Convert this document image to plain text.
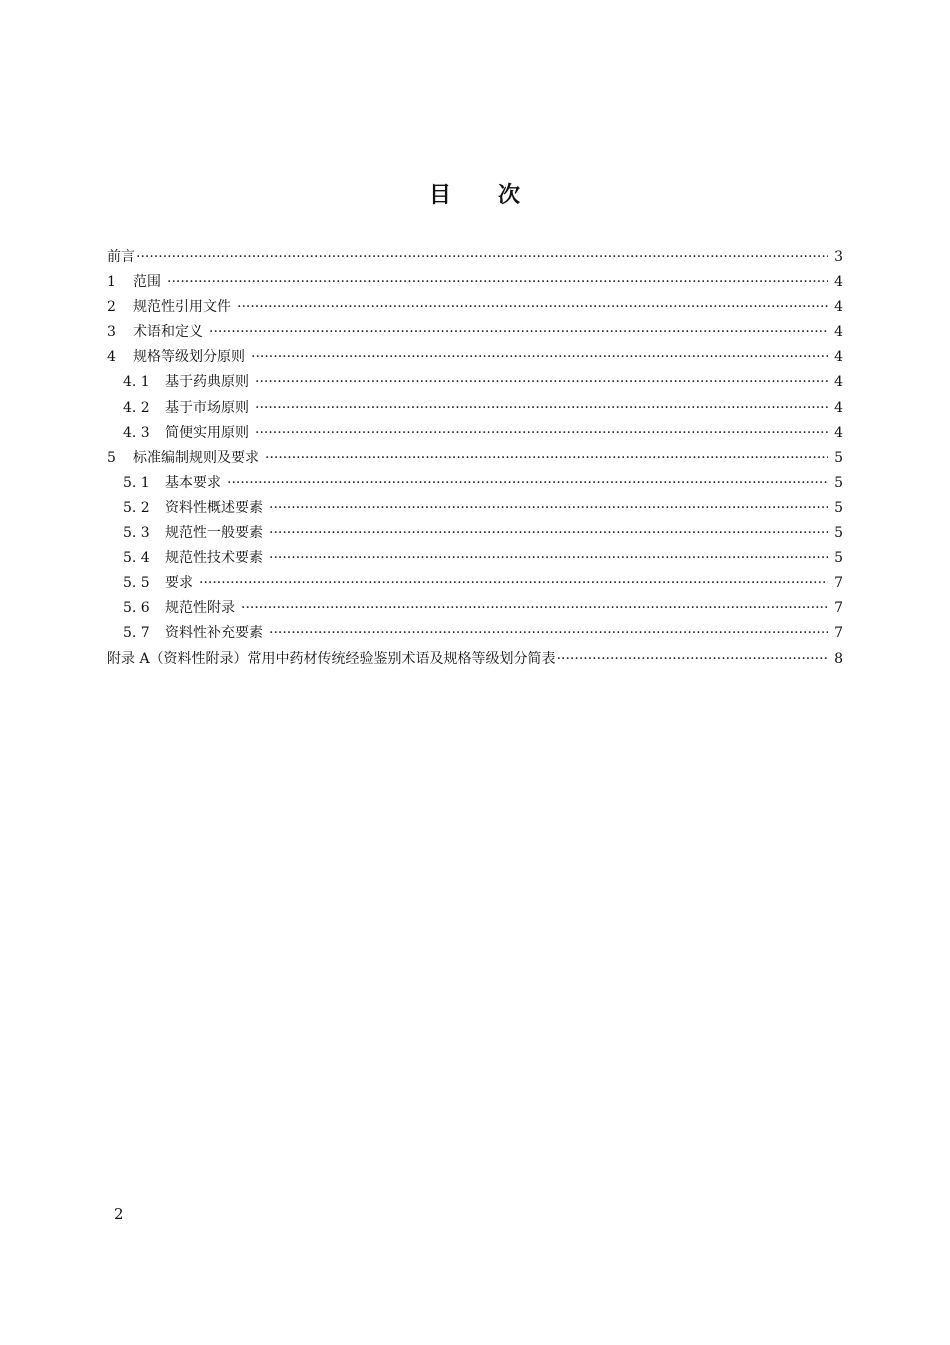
目 次
前言 ·····	3
1	范围 ·····	4
2	规范性引用文件 ·····	4
3	术语和定义 ·····	4
4	规格等级划分原则 ·····	4
4. 1	基于药典原则 ·····	4
4. 2	基于市场原则 ·····	4
4. 3	简便实用原则 ·····	4
5	标准编制规则及要求 ·····	5
5. 1	基本要求 ·····	5
5. 2	资料性概述要素 ·····	5
5. 3	规范性一般要素 ·····	5
5. 4	规范性技术要素 ·····	5
5. 5	要求 ·····	7
5. 6	规范性附录 ·····	7
5. 7	资料性补充要素 ·····	7
附录 A（资料性附录）常用中药材传统经验鉴别术语及规格等级划分简表 ·····	8
2
